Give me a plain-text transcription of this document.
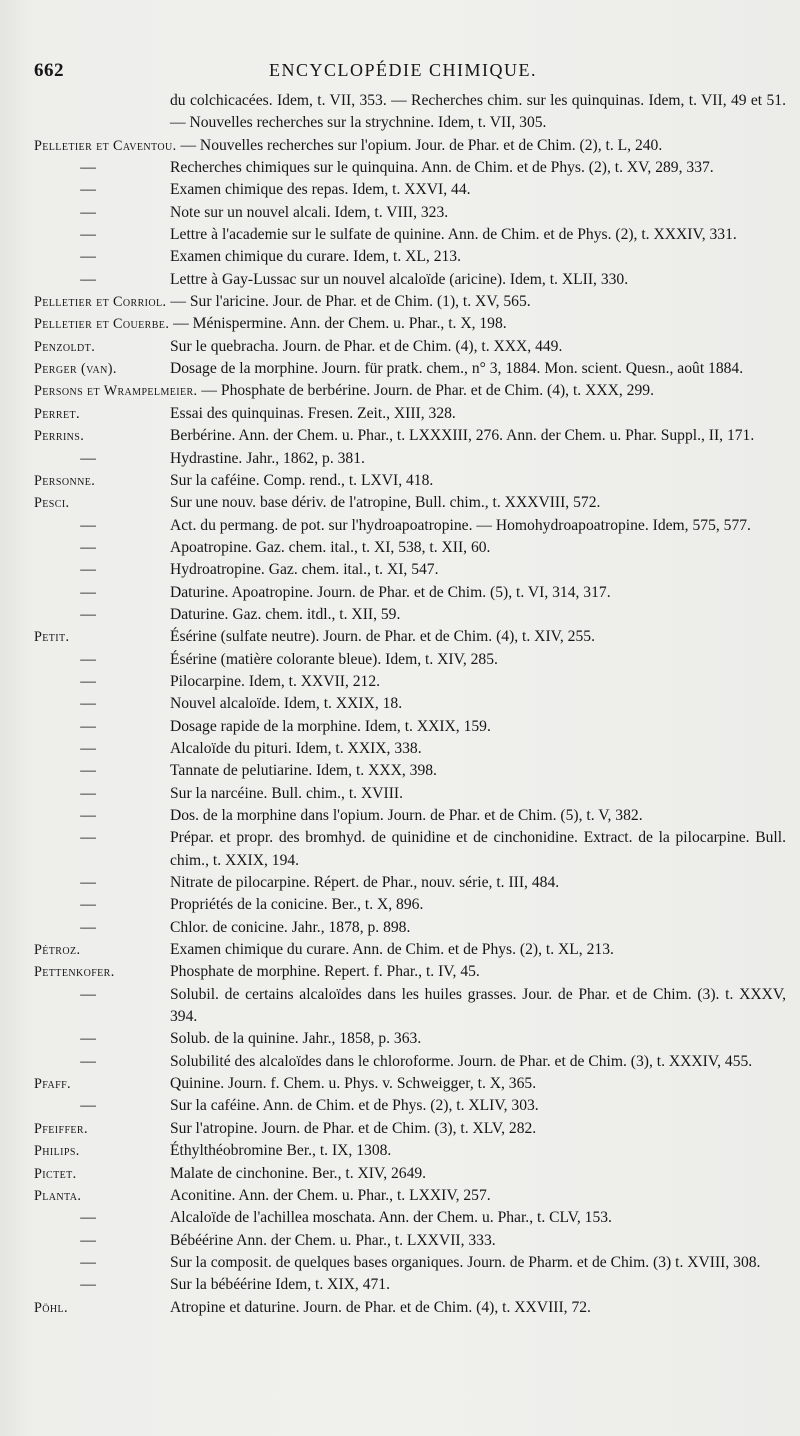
662	ENCYCLOPÉDIE CHIMIQUE.
du colchicacées. Idem, t. VII, 353. — Recherches chim. sur les quinquinas. Idem, t. VII, 49 et 51. — Nouvelles recherches sur la strychnine. Idem, t. VII, 305.
Pelletier et Caventou. — Nouvelles recherches sur l'opium. Jour. de Phar. et de Chim. (2), t. L, 240.
—	Recherches chimiques sur le quinquina. Ann. de Chim. et de Phys. (2), t. XV, 289, 337.
—	Examen chimique des repas. Idem, t. XXVI, 44.
—	Note sur un nouvel alcali. Idem, t. VIII, 323.
—	Lettre à l'academie sur le sulfate de quinine. Ann. de Chim. et de Phys. (2), t. XXXIV, 331.
—	Examen chimique du curare. Idem, t. XL, 213.
—	Lettre à Gay-Lussac sur un nouvel alcaloïde (aricine). Idem, t. XLII, 330.
Pelletier et Corriol. — Sur l'aricine. Jour. de Phar. et de Chim. (1), t. XV, 565.
Pelletier et Couerbe. — Ménispermine. Ann. der Chem. u. Phar., t. X, 198.
Penzoldt.	Sur le quebracha. Journ. de Phar. et de Chim. (4), t. XXX, 449.
Perger (van).	Dosage de la morphine. Journ. für pratk. chem., n° 3, 1884. Mon. scient. Quesn., août 1884.
Persons et Wrampelmeier. — Phosphate de berbérine. Journ. de Phar. et de Chim. (4), t. XXX, 299.
Perret.	Essai des quinquinas. Fresen. Zeit., XIII, 328.
Perrins.	Berbérine. Ann. der Chem. u. Phar., t. LXXXIII, 276. Ann. der Chem. u. Phar. Suppl., II, 171.
—	Hydrastine. Jahr., 1862, p. 381.
Personne.	Sur la caféine. Comp. rend., t. LXVI, 418.
Pesci.	Sur une nouv. base dériv. de l'atropine, Bull. chim., t. XXXVIII, 572.
—	Act. du permang. de pot. sur l'hydroapoatropine. — Homohydroapoatropine. Idem, 575, 577.
—	Apoatropine. Gaz. chem. ital., t. XI, 538, t. XII, 60.
—	Hydroatropine. Gaz. chem. ital., t. XI, 547.
—	Daturine. Apoatropine. Journ. de Phar. et de Chim. (5), t. VI, 314, 317.
—	Daturine. Gaz. chem. itdl., t. XII, 59.
Petit.	Ésérine (sulfate neutre). Journ. de Phar. et de Chim. (4), t. XIV, 255.
—	Ésérine (matière colorante bleue). Idem, t. XIV, 285.
—	Pilocarpine. Idem, t. XXVII, 212.
—	Nouvel alcaloïde. Idem, t. XXIX, 18.
—	Dosage rapide de la morphine. Idem, t. XXIX, 159.
—	Alcaloïde du pituri. Idem, t. XXIX, 338.
—	Tannate de pelutiarine. Idem, t. XXX, 398.
—	Sur la narcéine. Bull. chim., t. XVIII.
—	Dos. de la morphine dans l'opium. Journ. de Phar. et de Chim. (5), t. V, 382.
—	Prépar. et propr. des bromhyd. de quinidine et de cinchonidine. Extract. de la pilocarpine. Bull. chim., t. XXIX, 194.
—	Nitrate de pilocarpine. Répert. de Phar., nouv. série, t. III, 484.
—	Propriétés de la conicine. Ber., t. X, 896.
—	Chlor. de conicine. Jahr., 1878, p. 898.
Pétroz.	Examen chimique du curare. Ann. de Chim. et de Phys. (2), t. XL, 213.
Pettenkofer.	Phosphate de morphine. Repert. f. Phar., t. IV, 45.
—	Solubil. de certains alcaloïdes dans les huiles grasses. Jour. de Phar. et de Chim. (3). t. XXXV, 394.
—	Solub. de la quinine. Jahr., 1858, p. 363.
—	Solubilité des alcaloïdes dans le chloroforme. Journ. de Phar. et de Chim. (3), t. XXXIV, 455.
Pfaff.	Quinine. Journ. f. Chem. u. Phys. v. Schweigger, t. X, 365.
—	Sur la caféine. Ann. de Chim. et de Phys. (2), t. XLIV, 303.
Pfeiffer.	Sur l'atropine. Journ. de Phar. et de Chim. (3), t. XLV, 282.
Philips.	Éthylthéobromine Ber., t. IX, 1308.
Pictet.	Malate de cinchonine. Ber., t. XIV, 2649.
Planta.	Aconitine. Ann. der Chem. u. Phar., t. LXXIV, 257.
—	Alcaloïde de l'achillea moschata. Ann. der Chem. u. Phar., t. CLV, 153.
—	Bébéérine Ann. der Chem. u. Phar., t. LXXVII, 333.
—	Sur la composit. de quelques bases organiques. Journ. de Pharm. et de Chim. (3) t. XVIII, 308.
—	Sur la bébéérine Idem, t. XIX, 471.
Pöhl.	Atropine et daturine. Journ. de Phar. et de Chim. (4), t. XXVIII, 72.
